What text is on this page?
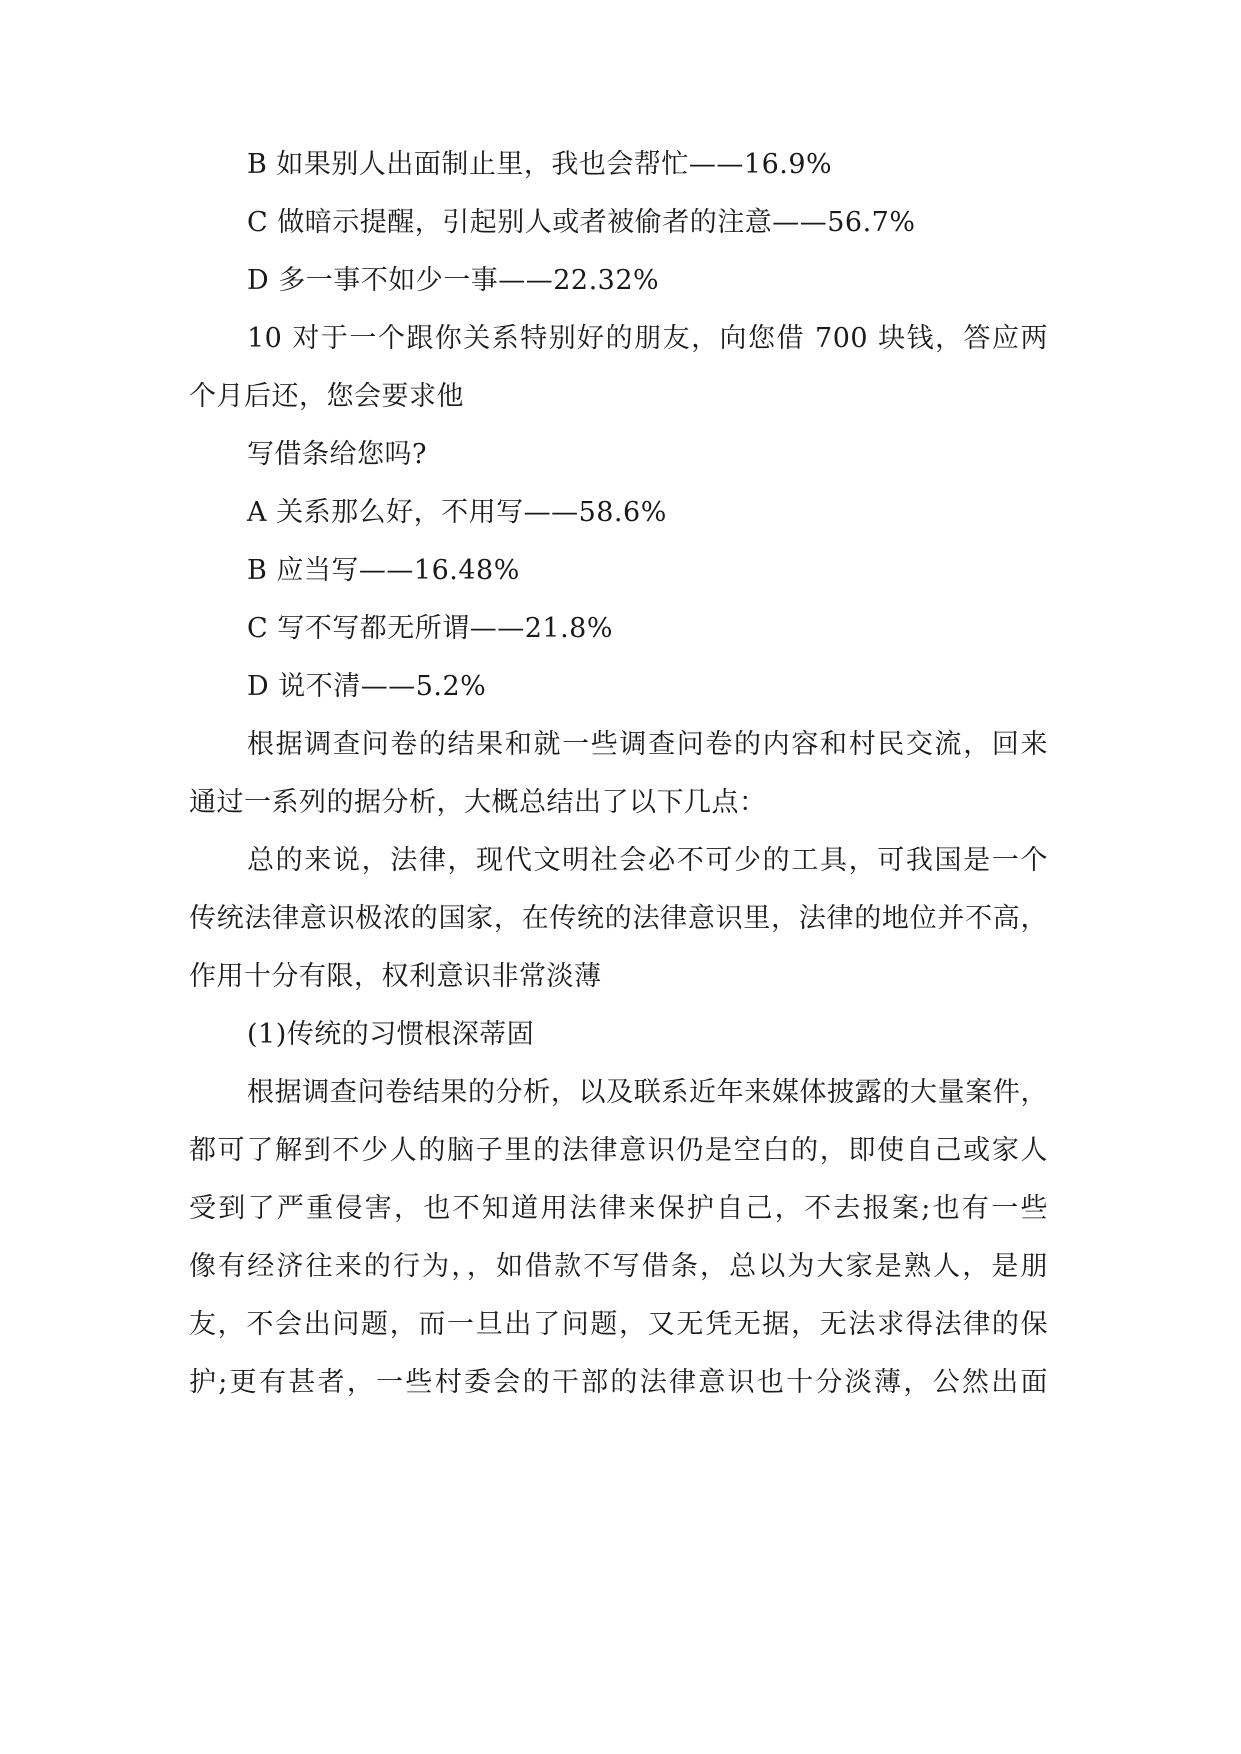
B 如果别人出面制止里，我也会帮忙——16.9%
C 做暗示提醒，引起别人或者被偷者的注意——56.7%
D 多一事不如少一事——22.32%
10 对于一个跟你关系特别好的朋友，向您借 700 块钱，答应两
个月后还，您会要求他
写借条给您吗?
A 关系那么好，不用写——58.6%
B 应当写——16.48%
C 写不写都无所谓——21.8%
D 说不清——5.2%
根据调查问卷的结果和就一些调查问卷的内容和村民交流，回来
通过一系列的据分析，大概总结出了以下几点：
总的来说，法律，现代文明社会必不可少的工具，可我国是一个
传统法律意识极浓的国家，在传统的法律意识里，法律的地位并不高，
作用十分有限，权利意识非常淡薄
(1)传统的习惯根深蒂固
根据调查问卷结果的分析，以及联系近年来媒体披露的大量案件，
都可了解到不少人的脑子里的法律意识仍是空白的，即使自己或家人
受到了严重侵害，也不知道用法律来保护自己，不去报案;也有一些
像有经济往来的行为，，如借款不写借条，总以为大家是熟人，是朋
友，不会出问题，而一旦出了问题，又无凭无据，无法求得法律的保
护;更有甚者，一些村委会的干部的法律意识也十分淡薄，公然出面
